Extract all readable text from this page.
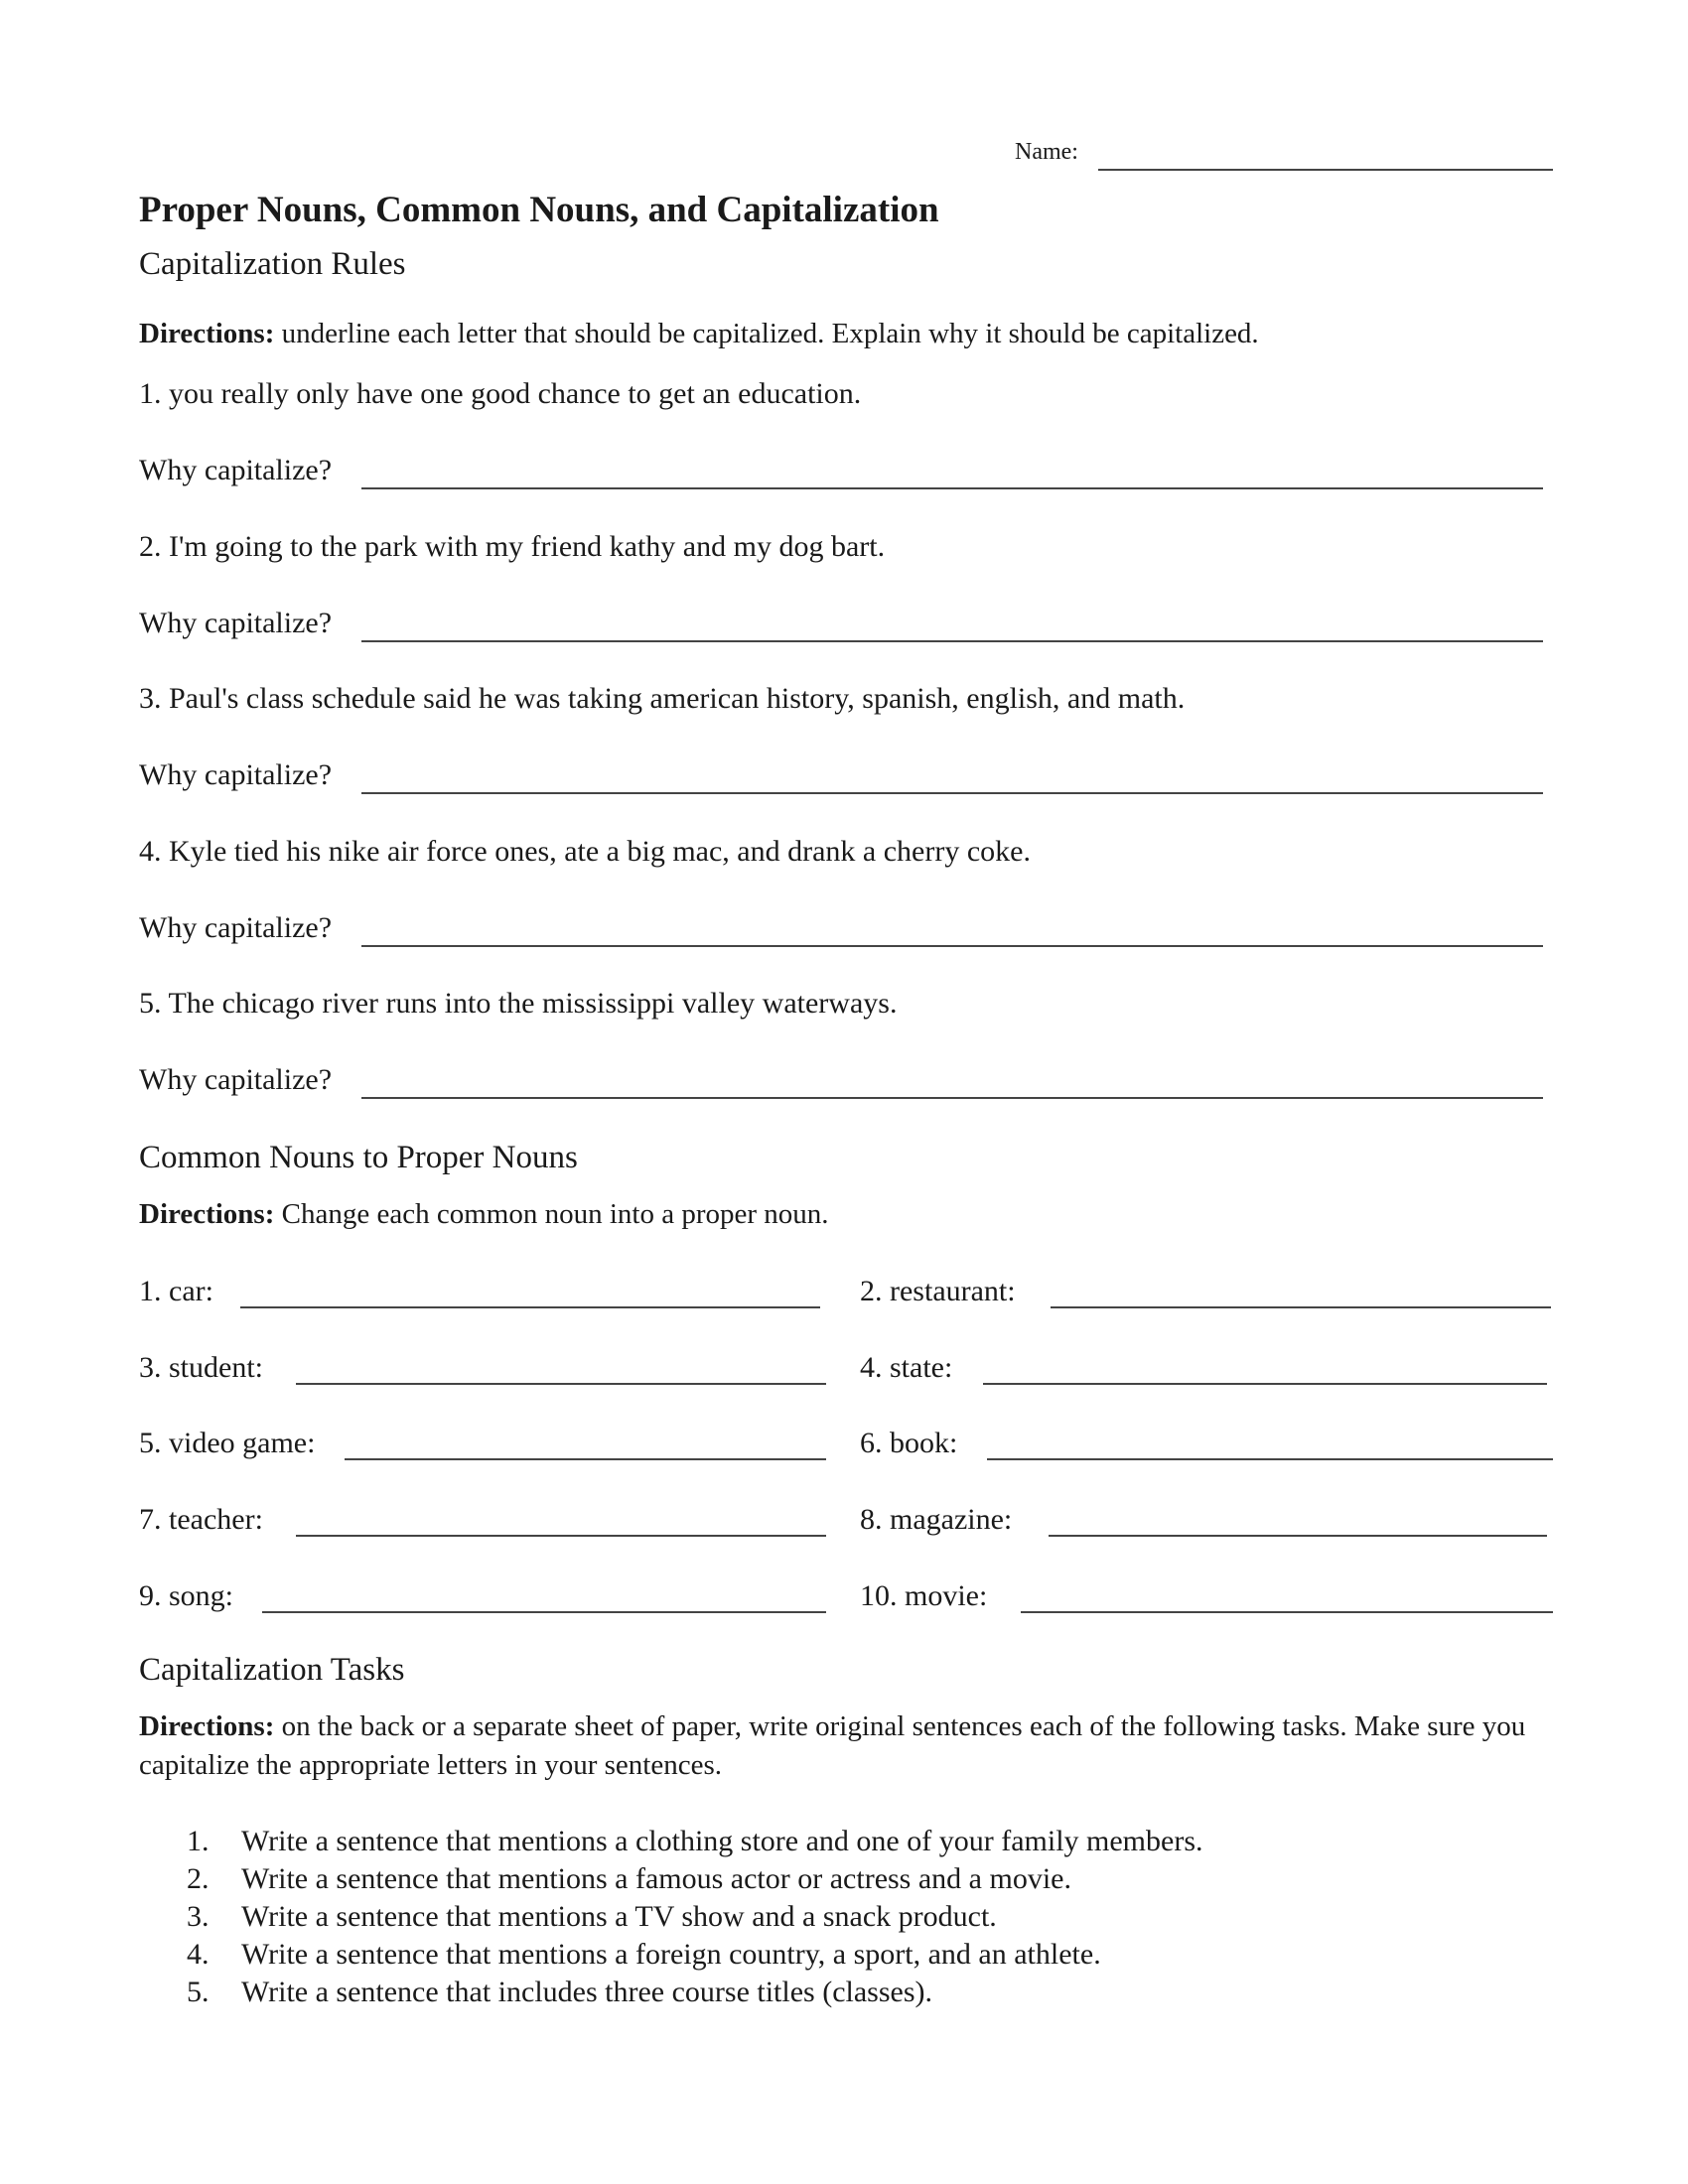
Name:
Proper Nouns, Common Nouns, and Capitalization
Capitalization Rules
Directions: underline each letter that should be capitalized. Explain why it should be capitalized.
1. you really only have one good chance to get an education.
Why capitalize?
2. I'm going to the park with my friend kathy and my dog bart.
Why capitalize?
3. Paul's class schedule said he was taking american history, spanish, english, and math.
Why capitalize?
4. Kyle tied his nike air force ones, ate a big mac, and drank a cherry coke.
Why capitalize?
5. The chicago river runs into the mississippi valley waterways.
Why capitalize?
Common Nouns to Proper Nouns
Directions: Change each common noun into a proper noun.
1. car:
3. student:
5. video game:
7. teacher:
9. song:
2. restaurant:
4. state:
6. book:
8. magazine:
10. movie:
Capitalization Tasks
Directions: on the back or a separate sheet of paper, write original sentences each of the following tasks. Make sure you capitalize the appropriate letters in your sentences.
1. Write a sentence that mentions a clothing store and one of your family members.
2. Write a sentence that mentions a famous actor or actress and a movie.
3. Write a sentence that mentions a TV show and a snack product.
4. Write a sentence that mentions a foreign country, a sport, and an athlete.
5. Write a sentence that includes three course titles (classes).
